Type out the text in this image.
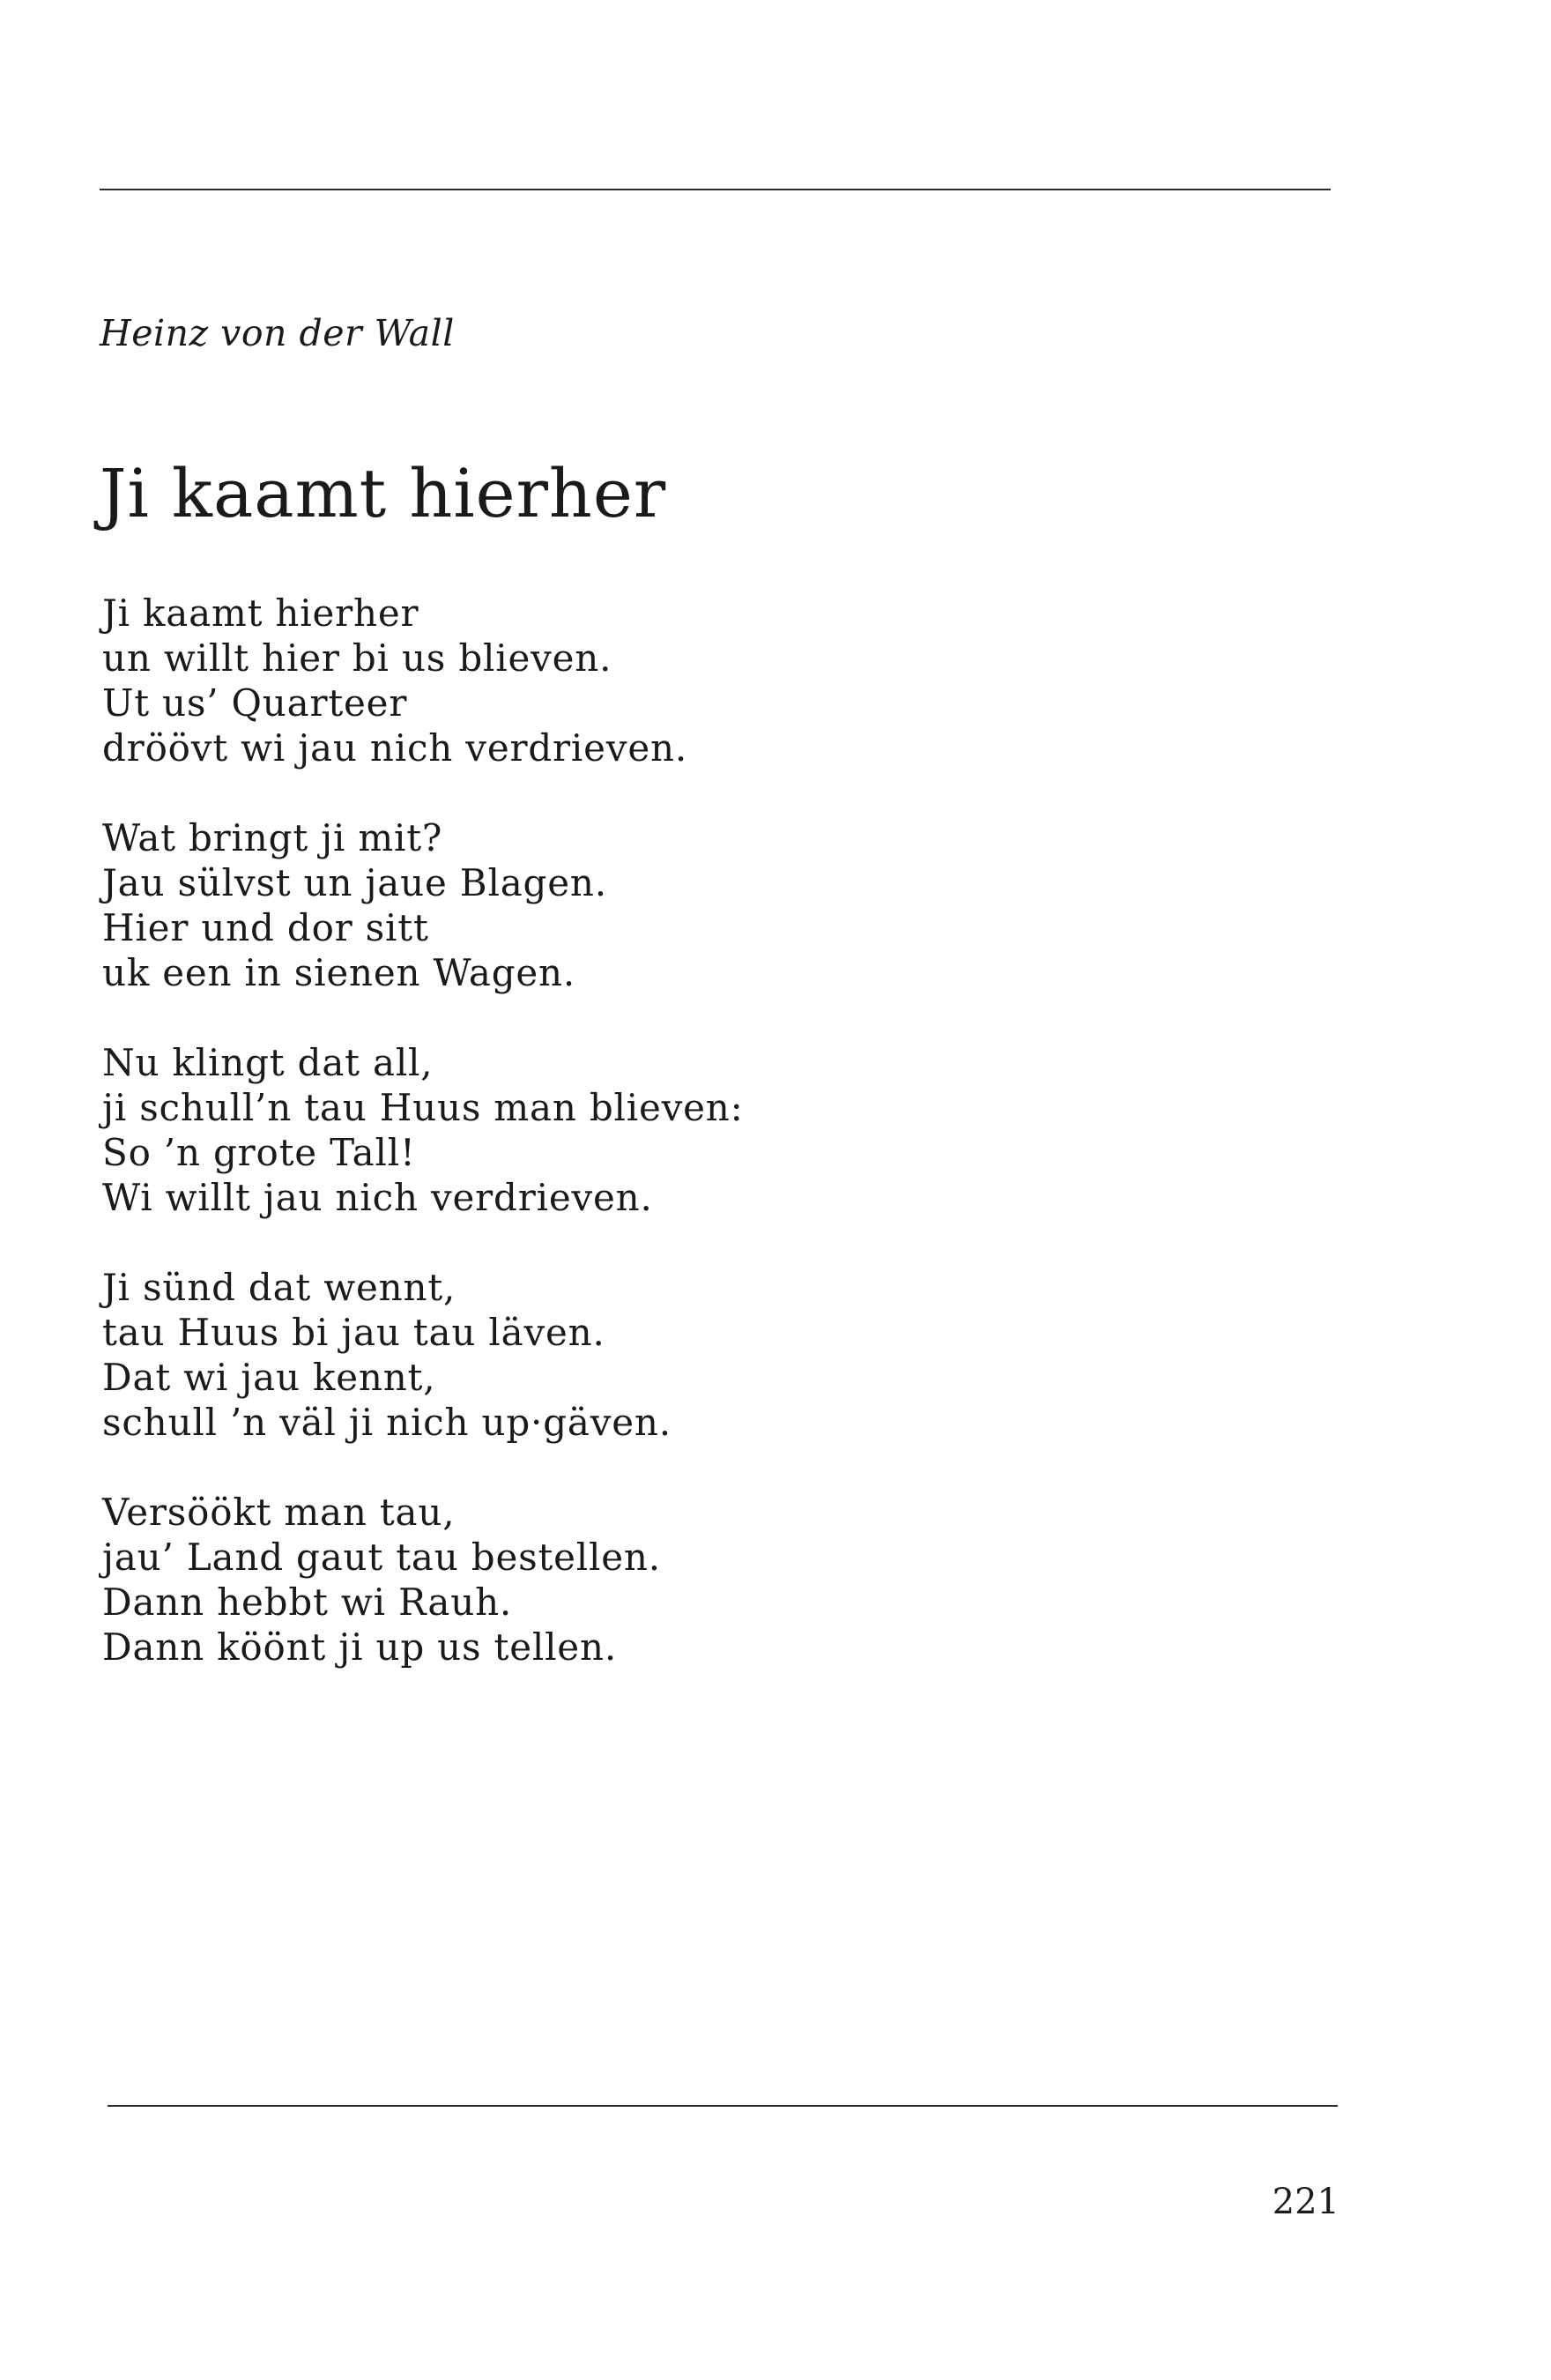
Heinz von der Wall
Ji kaamt hierher
Ji kaamt hierher
un willt hier bi us blieven.
Ut us’ Quarteer
dröövt wi jau nich verdrieven.
Wat bringt ji mit?
Jau sülvst un jaue Blagen.
Hier und dor sitt
uk een in sienen Wagen.
Nu klingt dat all,
ji schull’n tau Huus man blieven:
So ’n grote Tall!
Wi willt jau nich verdrieven.
Ji sünd dat wennt,
tau Huus bi jau tau läven.
Dat wi jau kennt,
schull ’n väl ji nich up·gäven.
Versöökt man tau,
jau’ Land gaut tau bestellen.
Dann hebbt wi Rauh.
Dann köönt ji up us tellen.
221
